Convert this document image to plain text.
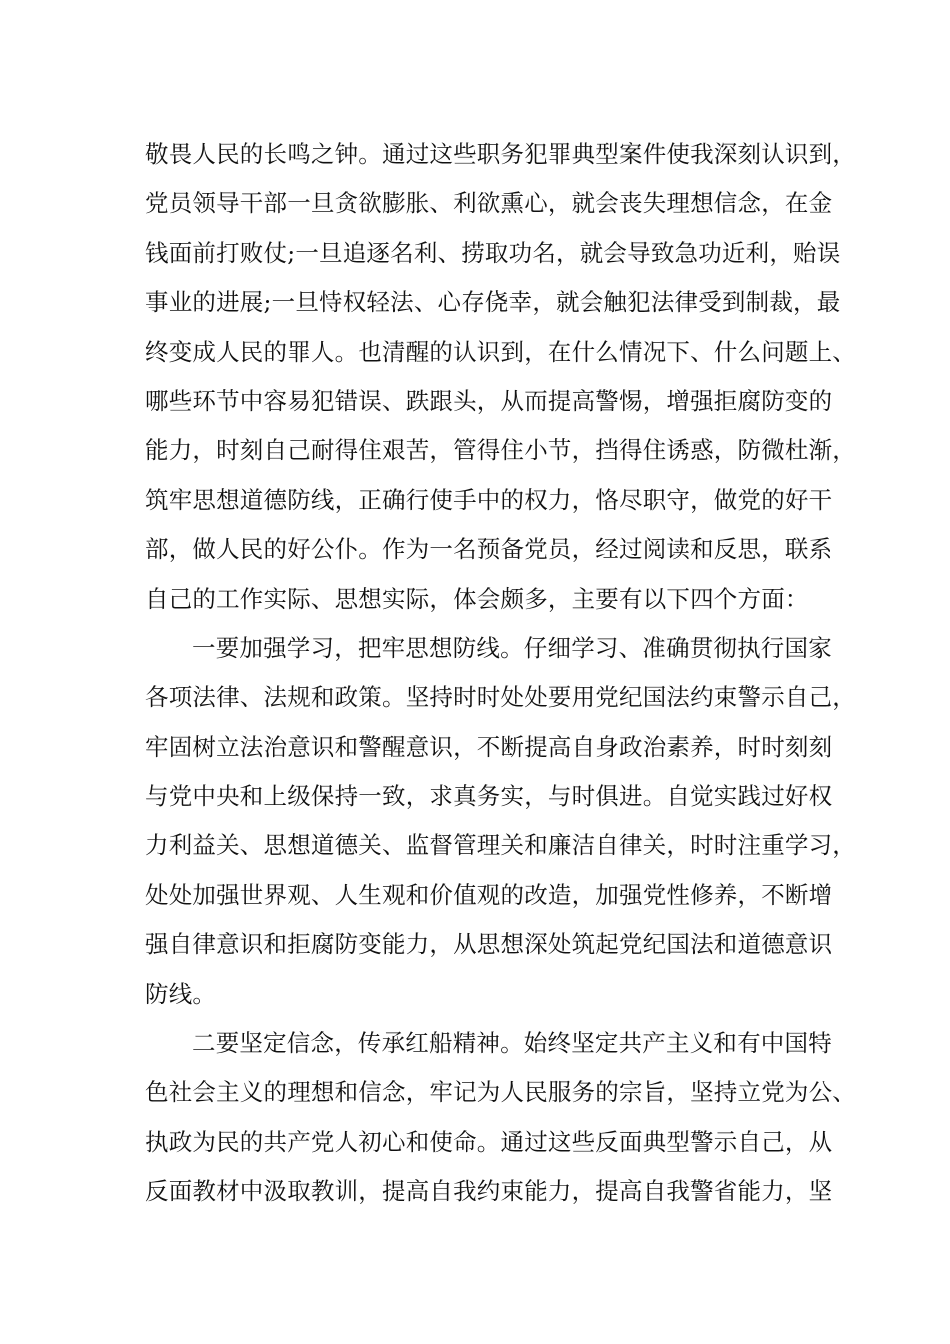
敬畏人民的长鸣之钟。通过这些职务犯罪典型案件使我深刻认识到，
党员领导干部一旦贪欲膨胀、利欲熏心，就会丧失理想信念，在金
钱面前打败仗;一旦追逐名利、捞取功名，就会导致急功近利，贻误
事业的进展;一旦恃权轻法、心存侥幸，就会触犯法律受到制裁，最
终变成人民的罪人。也清醒的认识到，在什么情况下、什么问题上、
哪些环节中容易犯错误、跌跟头，从而提高警惕，增强拒腐防变的
能力，时刻自己耐得住艰苦，管得住小节，挡得住诱惑，防微杜渐，
筑牢思想道德防线，正确行使手中的权力，恪尽职守，做党的好干
部，做人民的好公仆。作为一名预备党员，经过阅读和反思，联系
自己的工作实际、思想实际，体会颇多，主要有以下四个方面：
一要加强学习，把牢思想防线。仔细学习、准确贯彻执行国家
各项法律、法规和政策。坚持时时处处要用党纪国法约束警示自己，
牢固树立法治意识和警醒意识，不断提高自身政治素养，时时刻刻
与党中央和上级保持一致，求真务实，与时俱进。自觉实践过好权
力利益关、思想道德关、监督管理关和廉洁自律关，时时注重学习，
处处加强世界观、人生观和价值观的改造，加强党性修养，不断增
强自律意识和拒腐防变能力，从思想深处筑起党纪国法和道德意识
防线。
二要坚定信念，传承红船精神。始终坚定共产主义和有中国特
色社会主义的理想和信念，牢记为人民服务的宗旨，坚持立党为公、
执政为民的共产党人初心和使命。通过这些反面典型警示自己，从
反面教材中汲取教训，提高自我约束能力，提高自我警省能力，坚
